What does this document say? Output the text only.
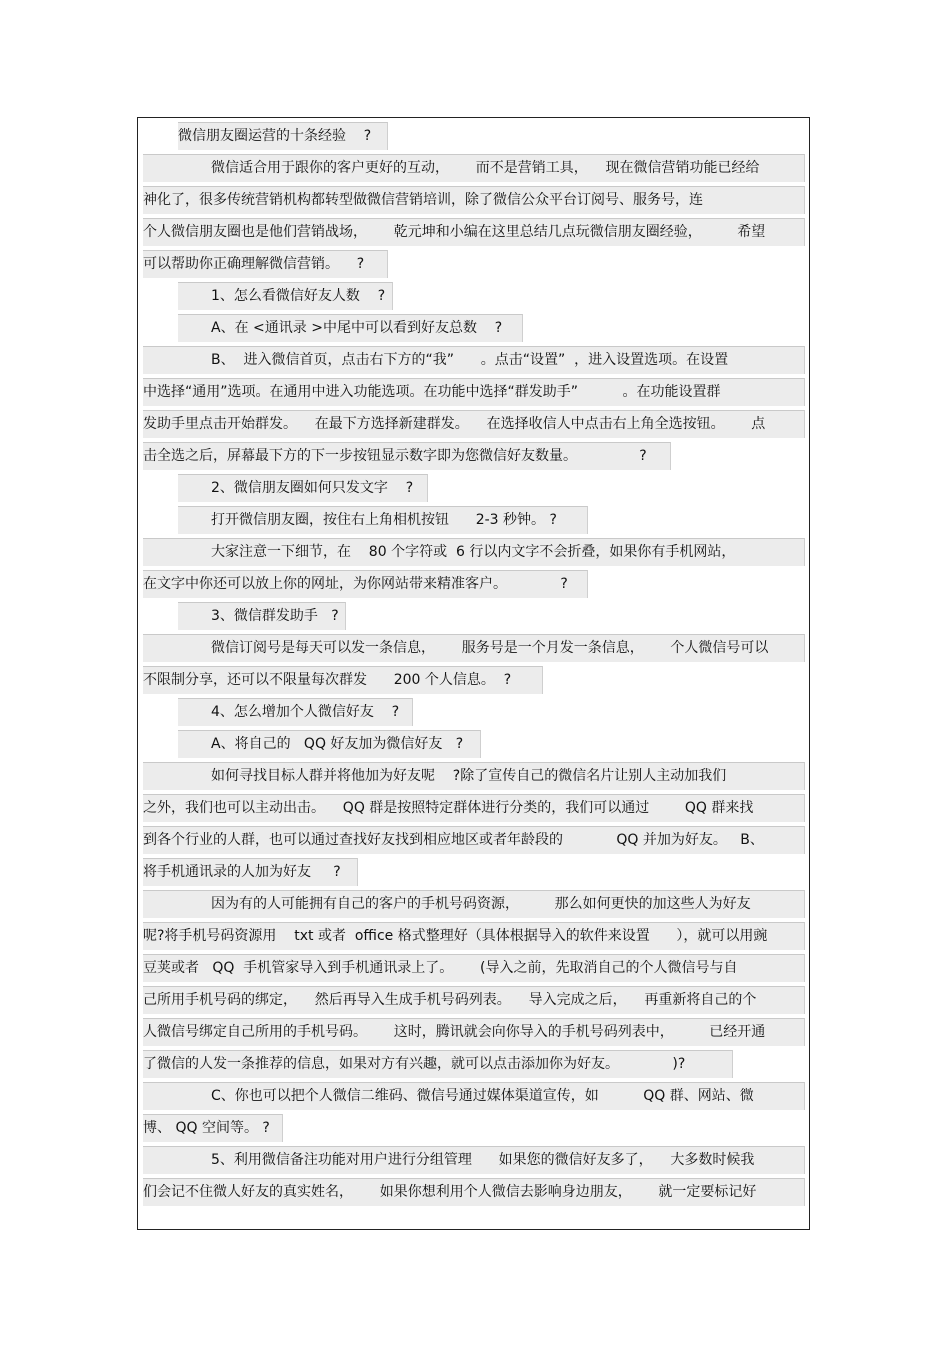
微信朋友圈运营的十条经验    ?
微信适合用于跟你的客户更好的互动，      而不是营销工具，    现在微信营销功能已经给
神化了，很多传统营销机构都转型做微信营销培训，除了微信公众平台订阅号、服务号，连
个人微信朋友圈也是他们营销战场，      乾元坤和小编在这里总结几点玩微信朋友圈经验，        希望
可以帮助你正确理解微信营销。    ?
1、怎么看微信好友人数    ?
A、在 <通讯录 >中尾中可以看到好友总数    ?
B、  进入微信首页，点击右下方的“我”      。点击“设置”  ，进入设置选项。在设置
中选择“通用”选项。在通用中进入功能选项。在功能中选择“群发助手”          。在功能设置群
发助手里点击开始群发。    在最下方选择新建群发。    在选择收信人中点击右上角全选按钮。      点
击全选之后，屏幕最下方的下一步按钮显示数字即为您微信好友数量。              ?
2、微信朋友圈如何只发文字    ?
打开微信朋友圈，按住右上角相机按钮      2-3 秒钟。 ?
大家注意一下细节，在    80 个字符或  6 行以内文字不会折叠，如果你有手机网站，
在文字中你还可以放上你的网址，为你网站带来精准客户。            ?
3、微信群发助手   ?
微信订阅号是每天可以发一条信息，      服务号是一个月发一条信息，      个人微信号可以
不限制分享，还可以不限量每次群发      200 个人信息。  ?
4、怎么增加个人微信好友    ?
A、将自己的   QQ 好友加为微信好友   ?
如何寻找目标人群并将他加为好友呢    ?除了宣传自己的微信名片让别人主动加我们
之外，我们也可以主动出击。    QQ 群是按照特定群体进行分类的，我们可以通过        QQ 群来找
到各个行业的人群，也可以通过查找好友找到相应地区或者年龄段的            QQ 并加为好友。   B、
将手机通讯录的人加为好友     ?
因为有的人可能拥有自己的客户的手机号码资源，        那么如何更快的加这些人为好友
呢?将手机号码资源用    txt 或者  office 格式整理好（具体根据导入的软件来设置      ），就可以用豌
豆荚或者   QQ  手机管家导入到手机通讯录上了。      (导入之前，先取消自己的个人微信号与自
己所用手机号码的绑定，    然后再导入生成手机号码列表。    导入完成之后，    再重新将自己的个
人微信号绑定自己所用的手机号码。      这时，腾讯就会向你导入的手机号码列表中，        已经开通
了微信的人发一条推荐的信息，如果对方有兴趣，就可以点击添加你为好友。            )?
C、你也可以把个人微信二维码、微信号通过媒体渠道宣传，如          QQ 群、网站、微
博、 QQ 空间等。 ?
5、利用微信备注功能对用户进行分组管理      如果您的微信好友多了，    大多数时候我
们会记不住微人好友的真实姓名，      如果你想利用个人微信去影响身边朋友，      就一定要标记好
